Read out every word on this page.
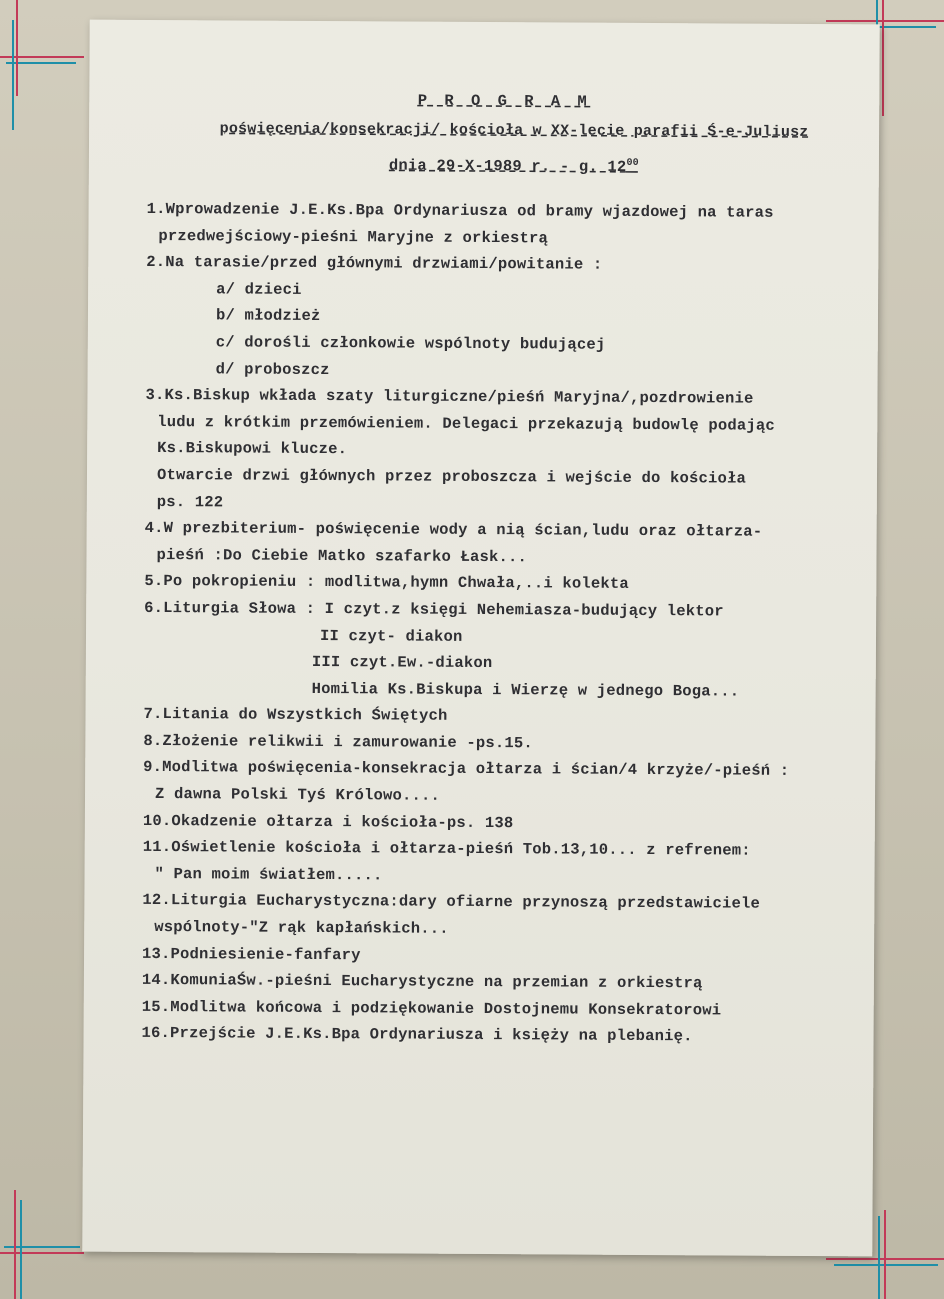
P R O G R A M
poświęcenia/konsekracji/ kościoła w XX-lecie parafii Ś-e-Juliusz
dnia 29-X-1989 r. - g. $12^{00}$
1.Wprowadzenie J.E.Ks.Bpa Ordynariusza od bramy wjazdowej na taras
przedwejściowy-pieśni Maryjne z orkiestrą
2.Na tarasie/przed głównymi drzwiami/powitanie :
a/ dzieci
b/ młodzież
c/ dorośli członkowie wspólnoty budującej
d/ proboszcz
3.Ks.Biskup wkłada szaty liturgiczne/pieśń Maryjna/,pozdrowienie
ludu z krótkim przemówieniem. Delegaci przekazują budowlę podając
Ks.Biskupowi klucze.
Otwarcie drzwi głównych przez proboszcza i wejście do kościoła
ps. 122
4.W prezbiterium- poświęcenie wody a nią ścian,ludu oraz ołtarza-
pieśń :Do Ciebie Matko szafarko Łask...
5.Po pokropieniu : modlitwa,hymn Chwała,..i kolekta
6.Liturgia Słowa : I czyt.z księgi Nehemiasza-budujący lektor
II czyt- diakon
III czyt.Ew.-diakon
Homilia Ks.Biskupa i Wierzę w jednego Boga...
7.Litania do Wszystkich Świętych
8.Złożenie relikwii i zamurowanie -ps.15.
9.Modlitwa poświęcenia-konsekracja ołtarza i ścian/4 krzyże/-pieśń :
Z dawna Polski Tyś Królowo....
10.Okadzenie ołtarza i kościoła-ps. 138
11.Oświetlenie kościoła i ołtarza-pieśń Tob.13,10... z refrenem:
" Pan moim światłem.....
12.Liturgia Eucharystyczna:dary ofiarne przynoszą przedstawiciele
wspólnoty-"Z rąk kapłańskich...
13.Podniesienie-fanfary
14.KomuniaŚw.-pieśni Eucharystyczne na przemian z orkiestrą
15.Modlitwa końcowa i podziękowanie Dostojnemu Konsekratorowi
16.Przejście J.E.Ks.Bpa Ordynariusza i księży na plebanię.
